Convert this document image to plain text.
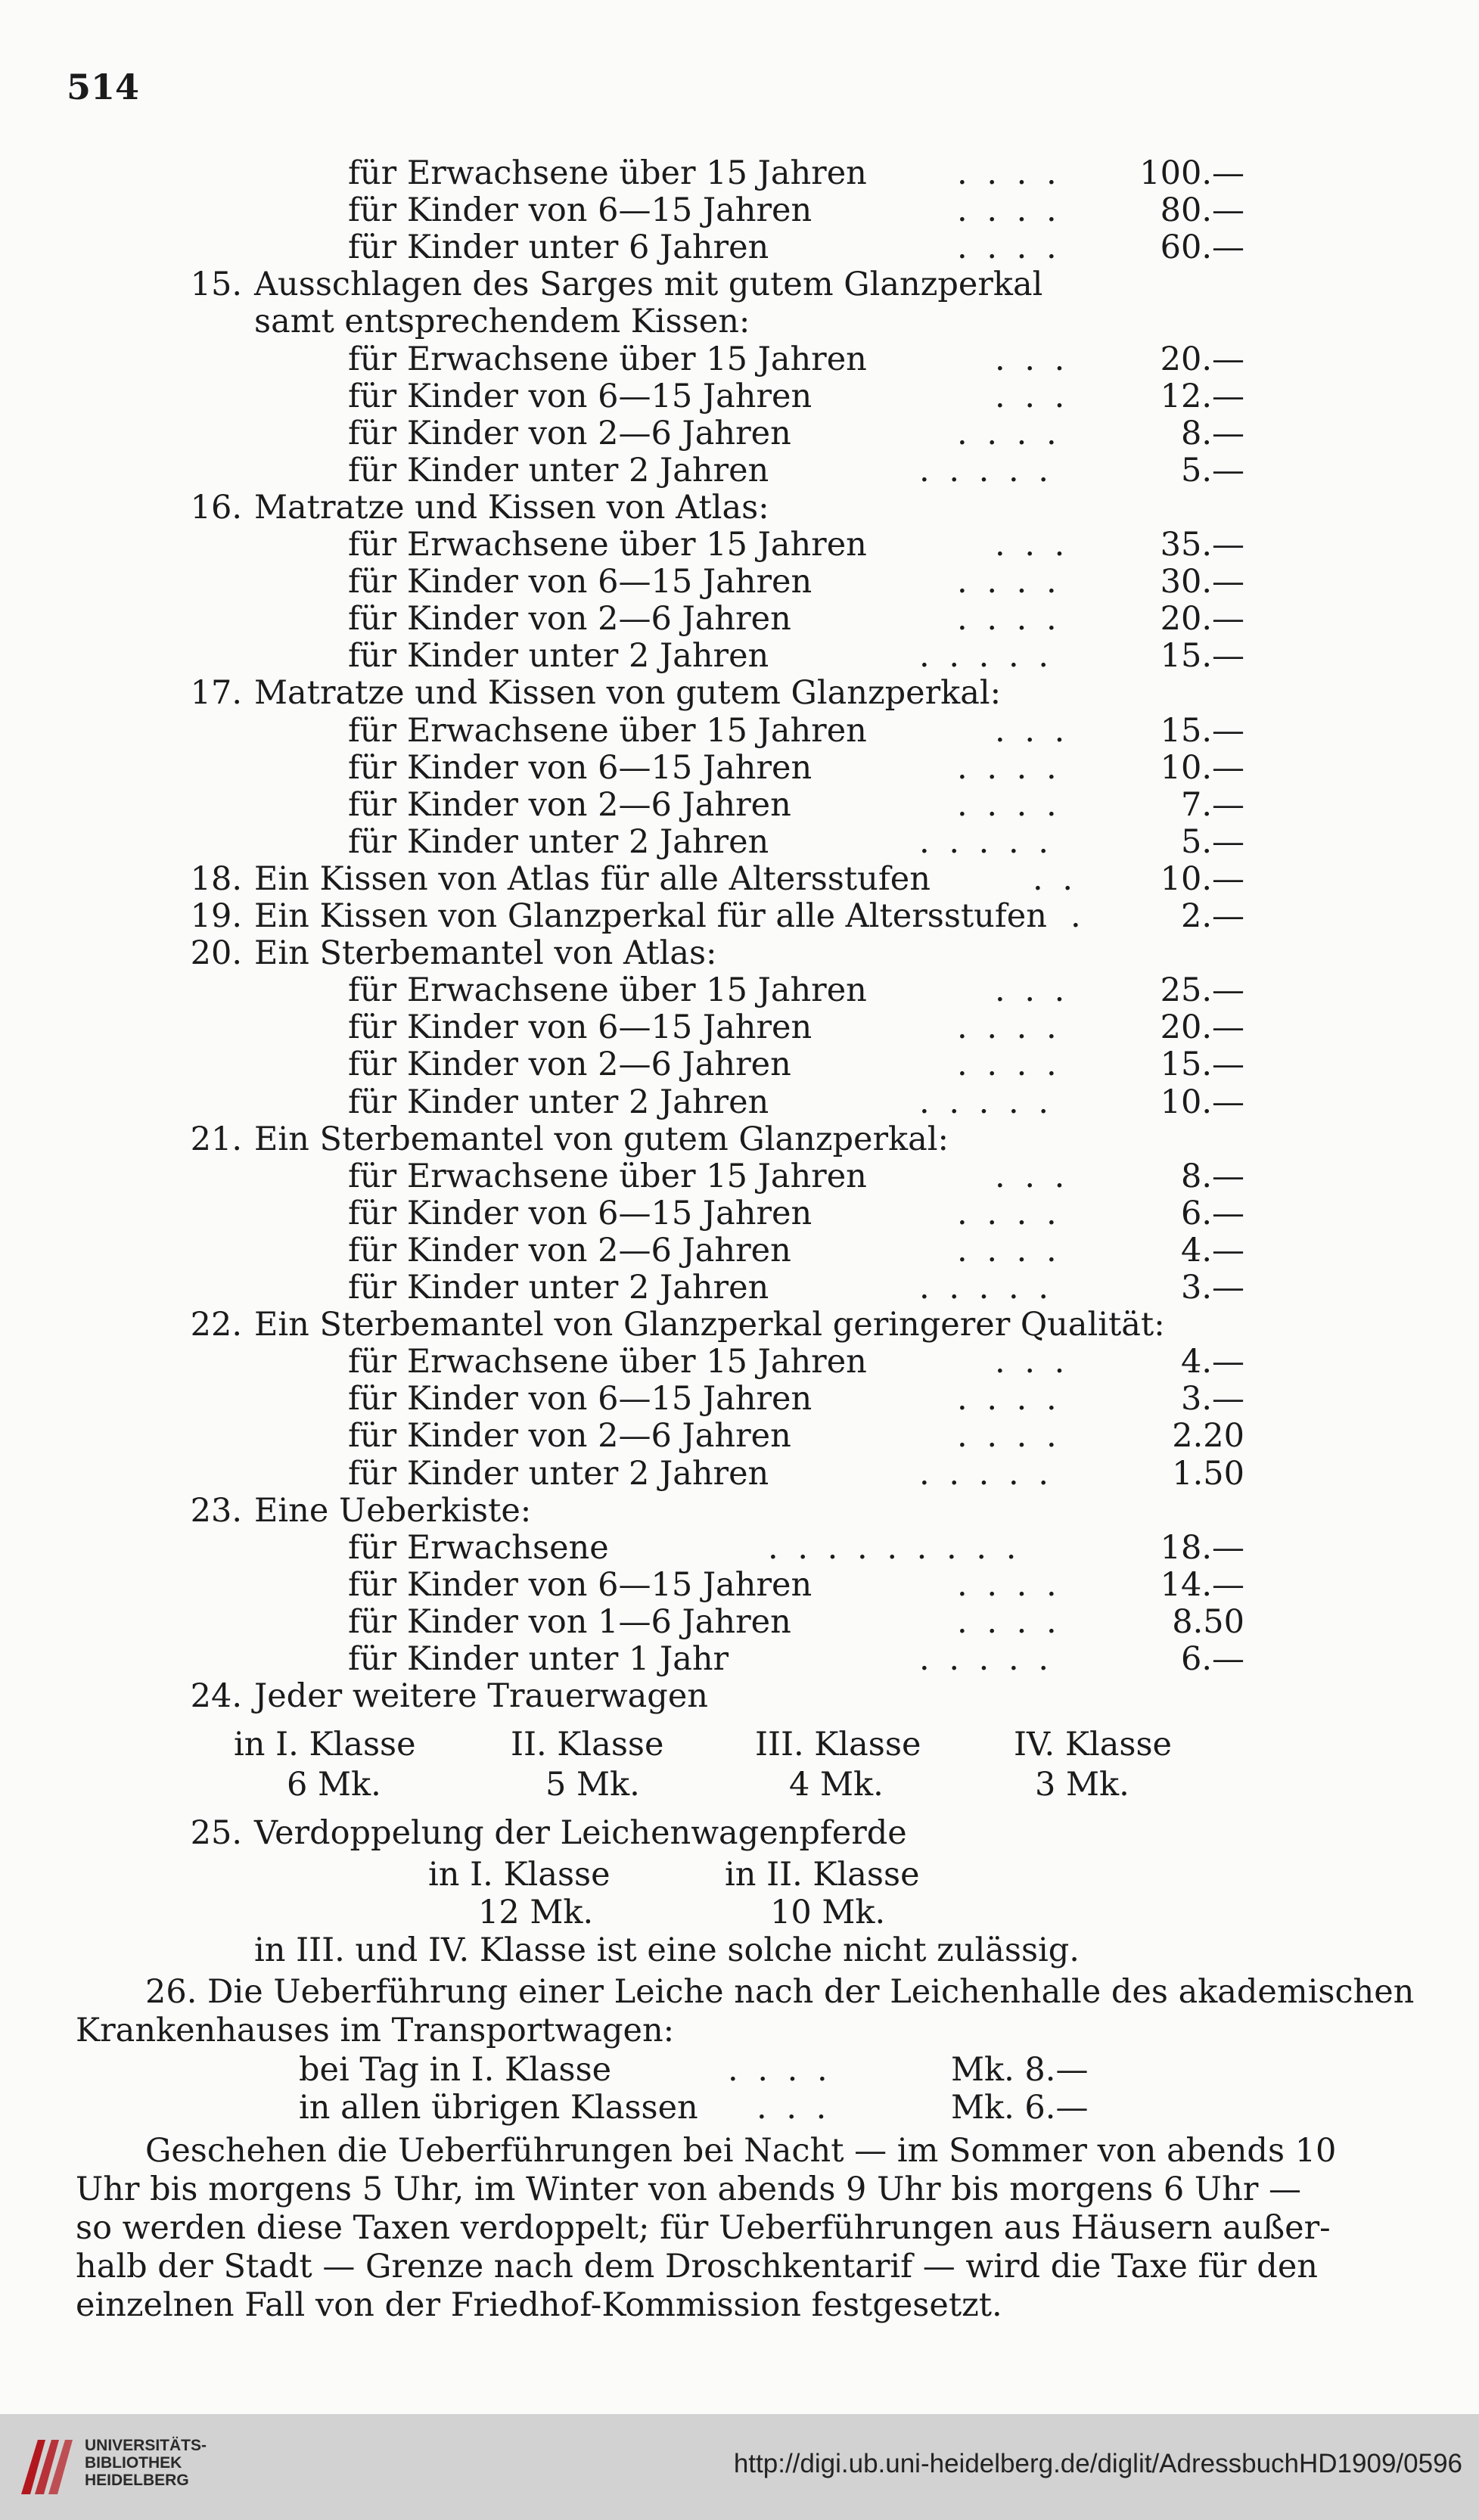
514
für Erwachsene über 15 Jahren	. . . .	100.—
für Kinder von 6—15 Jahren	. . . .	80.—
für Kinder unter 6 Jahren	. . . .	60.—
15. Ausschlagen des Sarges mit gutem Glanzperkal
samt entsprechendem Kissen:
für Erwachsene über 15 Jahren	. . .	20.—
für Kinder von 6—15 Jahren	. . .	12.—
für Kinder von 2—6 Jahren	. . . .	8.—
für Kinder unter 2 Jahren	. . . . .	5.—
16. Matratze und Kissen von Atlas:
für Erwachsene über 15 Jahren	. . .	35.—
für Kinder von 6—15 Jahren	. . . .	30.—
für Kinder von 2—6 Jahren	. . . .	20.—
für Kinder unter 2 Jahren	. . . . .	15.—
17. Matratze und Kissen von gutem Glanzperkal:
für Erwachsene über 15 Jahren	. . .	15.—
für Kinder von 6—15 Jahren	. . . .	10.—
für Kinder von 2—6 Jahren	. . . .	7.—
für Kinder unter 2 Jahren	. . . . .	5.—
18. Ein Kissen von Atlas für alle Altersstufen	. .	10.—
19. Ein Kissen von Glanzperkal für alle Altersstufen .	2.—
20. Ein Sterbemantel von Atlas:
für Erwachsene über 15 Jahren	. . .	25.—
für Kinder von 6—15 Jahren	. . . .	20.—
für Kinder von 2—6 Jahren	. . . .	15.—
für Kinder unter 2 Jahren	. . . . .	10.—
21. Ein Sterbemantel von gutem Glanzperkal:
für Erwachsene über 15 Jahren	. . .	8.—
für Kinder von 6—15 Jahren	. . . .	6.—
für Kinder von 2—6 Jahren	. . . .	4.—
für Kinder unter 2 Jahren	. . . . .	3.—
22. Ein Sterbemantel von Glanzperkal geringerer Qualität:
für Erwachsene über 15 Jahren	. . .	4.—
für Kinder von 6—15 Jahren	. . . .	3.—
für Kinder von 2—6 Jahren	. . . .	2.20
für Kinder unter 2 Jahren	. . . . .	1.50
23. Eine Ueberkiste:
für Erwachsene	. . . . . . . . .	18.—
für Kinder von 6—15 Jahren	. . . .	14.—
für Kinder von 1—6 Jahren	. . . .	8.50
für Kinder unter 1 Jahr	. . . . .	6.—
24. Jeder weitere Trauerwagen
in I. Klasse	II. Klasse	III. Klasse	IV. Klasse
6 Mk.	5 Mk.	4 Mk.	3 Mk.
25. Verdoppelung der Leichenwagenpferde
in I. Klasse	in II. Klasse
12 Mk.	10 Mk.
in III. und IV. Klasse ist eine solche nicht zulässig.
26. Die Ueberführung einer Leiche nach der Leichenhalle des akademischen
Krankenhauses im Transportwagen:
bei Tag in I. Klasse	. . . .	Mk. 8.—
in allen übrigen Klassen . . .	Mk. 6.—
Geschehen die Ueberführungen bei Nacht — im Sommer von abends 10
Uhr bis morgens 5 Uhr, im Winter von abends 9 Uhr bis morgens 6 Uhr —
so werden diese Taxen verdoppelt; für Ueberführungen aus Häusern außer-
halb der Stadt — Grenze nach dem Droschkentarif — wird die Taxe für den
einzelnen Fall von der Friedhof-Kommission festgesetzt.
UNIVERSITÄTS-
BIBLIOTHEK
HEIDELBERG
http://digi.ub.uni-heidelberg.de/diglit/AdressbuchHD1909/0596
